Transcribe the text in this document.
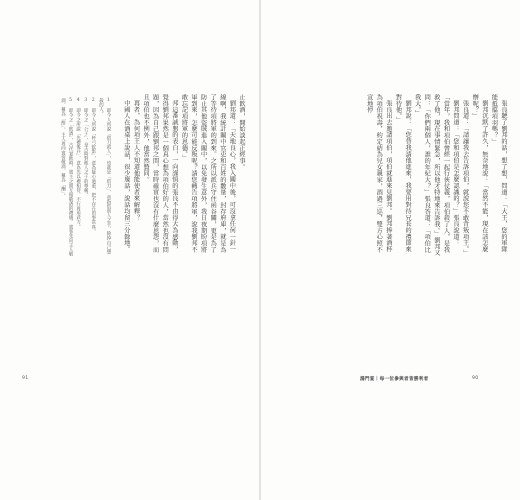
張良聽了劉邦的話，想了想，問道：「大王，您的軍隊能抵擋項羽嗎？」

劉邦沉默了許久，無奈地說：「當然不能，現在該怎麼辦呢？」

張良道：「請讓我去告訴項伯，就說您不敢背叛項王。」

劉邦問道：「您和項伯是怎麼認識的？」張良說道：「當年，我和項伯曾經一起行俠仗義，項伯殺了人，是我救了他，現在事情緊急，所以他才特地來告訴我。」劉邦又問：「你們兩個人，誰的年紀大？」張良答道：「項伯比我大。」

劉邦說：「您替我請他進來，我要用對待兄長的禮節來對待他。」

張良出去邀請項伯，項伯就進來見劉邦。劉邦捧著酒杯為項伯祝壽，約定結為兒女親家，酒過三巡，雙方心照不宣地停

鴻門宴｜每一位參與者皆勝利者	90

止飲酒，開始談起正經事。

劉邦道：「天地良心，我入關中後，可沒拿任何一針一線啊，我統計關中官吏和百姓的數量，封存府庫，就是為了等待項將軍的到來。之所以派兵守住函谷關，更是為了防止其他盜賊進入關中，以免發生意外，我日夜期盼項將軍到來，怎麼可能反叛呢？請您轉告項將軍，說我劉邦不敢忘記項將軍的恩德。」

邦這番誠懇的表白，一向謹慎的張良不由得大為感動，覺得劉邦果然是一個真心想為項伯好的人，當然也沒有問題，因為自己跟劉邦之間，當時確實也沒有什麼恩怨，而且項伯也不例外，他當然贊同。

再者，為何項王人不知道他能使者來解釋？

中國人在酒桌上說話，很少廢話，說話均留三分餘地。

1 即今人所說「借刀殺人」，也就是「借刀」，意指借別人之手，除掉自己想殺的人。

2 即今人所說「杯弓蛇影」，意為疑心過重，把不存在的事當真。

3 即今之「公子」，是古時對他人之子的尊稱。

4 即今之所說「先禮後兵」，意為先以禮相待，不行再用武力。

5 即今之「飲酒」，古代宴飲時，賓主之間互相敬酒的禮儀。賓客先向主人敬酒，稱為「酢」，主人再向賓客敬酒，稱為「酬」。

91
